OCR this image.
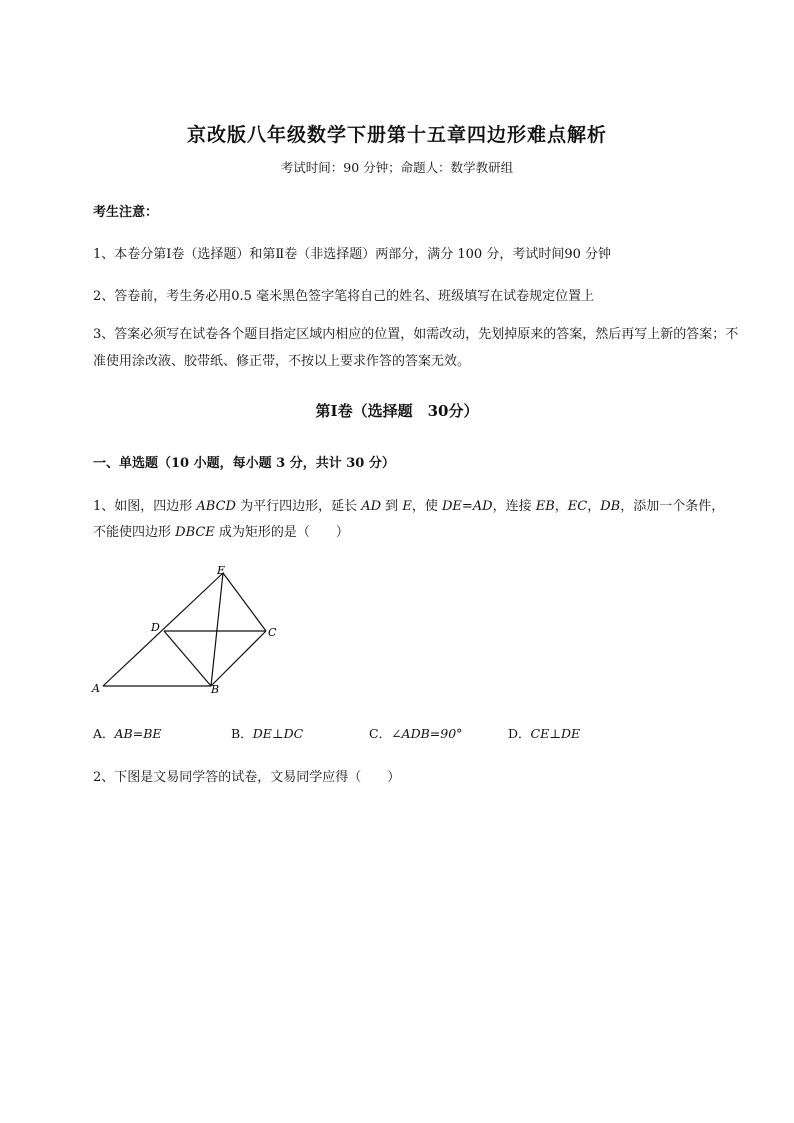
京改版八年级数学下册第十五章四边形难点解析
考试时间：90 分钟；命题人：数学教研组
考生注意：
1、本卷分第Ⅰ卷（选择题）和第Ⅱ卷（非选择题）两部分，满分 100 分，考试时间90 分钟
2、答卷前，考生务必用0.5 毫米黑色签字笔将自己的姓名、班级填写在试卷规定位置上
3、答案必须写在试卷各个题目指定区域内相应的位置，如需改动，先划掉原来的答案，然后再写上新的答案；不准使用涂改液、胶带纸、修正带，不按以上要求作答的答案无效。
第Ⅰ卷（选择题　30分）
一、单选题（10 小题，每小题 3 分，共计 30 分）
1、如图，四边形 ABCD 为平行四边形，延长 AD 到 E，使 DE=AD，连接 EB，EC，DB，添加一个条件，
不能使四边形 DBCE 成为矩形的是（　　）
A	B
C
D
E
A．AB=BE	B．DE⊥DC	C．∠ADB=90°	D．CE⊥DE
2、下图是文易同学答的试卷，文易同学应得（　　）
